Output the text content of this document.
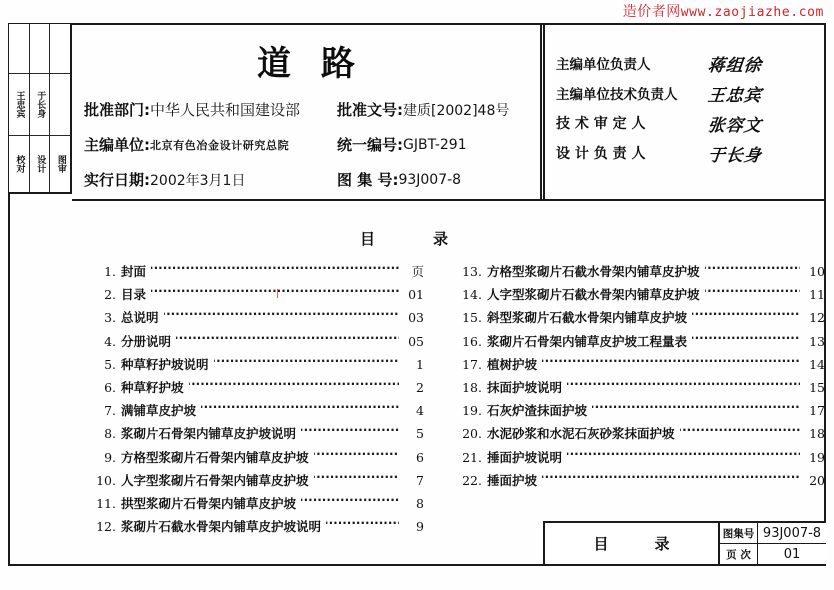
造价者网www.zaojiazhe.com
王忠宾
校对
于长身
设计 图审
道路
批准部门: 中华人民共和国建设部
主编单位: 北京有色冶金设计研究总院
实行日期: 2002年3月1日
批准文号: 建质[2002]48号
统一编号: GJBT-291
图 集 号: 93J007-8
主编单位负责人	蒋组徐
主编单位技术负责人	王忠宾
技 术 审 定 人	张容文
设 计 负 责 人	于长身
目录
1. 封面 ·····	页
2. 目录 ·····	01
3. 总说明 ·····	03
4. 分册说明 ·····	05
5. 种草籽护坡说明 ·····	1
6. 种草籽护坡 ·····	2
7. 满铺草皮护坡 ·····	4
8. 浆砌片石骨架内铺草皮护坡说明 ·····	5
9. 方格型浆砌片石骨架内铺草皮护坡 ·····	6
10. 人字型浆砌片石骨架内铺草皮护坡 ·····	7
11. 拱型浆砌片石骨架内铺草皮护坡 ·····	8
12. 浆砌片石截水骨架内铺草皮护坡说明 ·····	9
13. 方格型浆砌片石截水骨架内铺草皮护坡 ·····	10
14. 人字型浆砌片石截水骨架内铺草皮护坡 ·····	11
15. 斜型浆砌片石截水骨架内铺草皮护坡 ·····	12
16. 浆砌片石骨架内铺草皮护坡工程量表 ·····	13
17. 植树护坡 ·····	14
18. 抹面护坡说明 ·····	15
19. 石灰炉渣抹面护坡 ·····	17
20. 水泥砂浆和水泥石灰砂浆抹面护坡 ·····	18
21. 捶面护坡说明 ·····	19
22. 捶面护坡 ·····	20
目录
图集号 93J007-8
页 次	01
